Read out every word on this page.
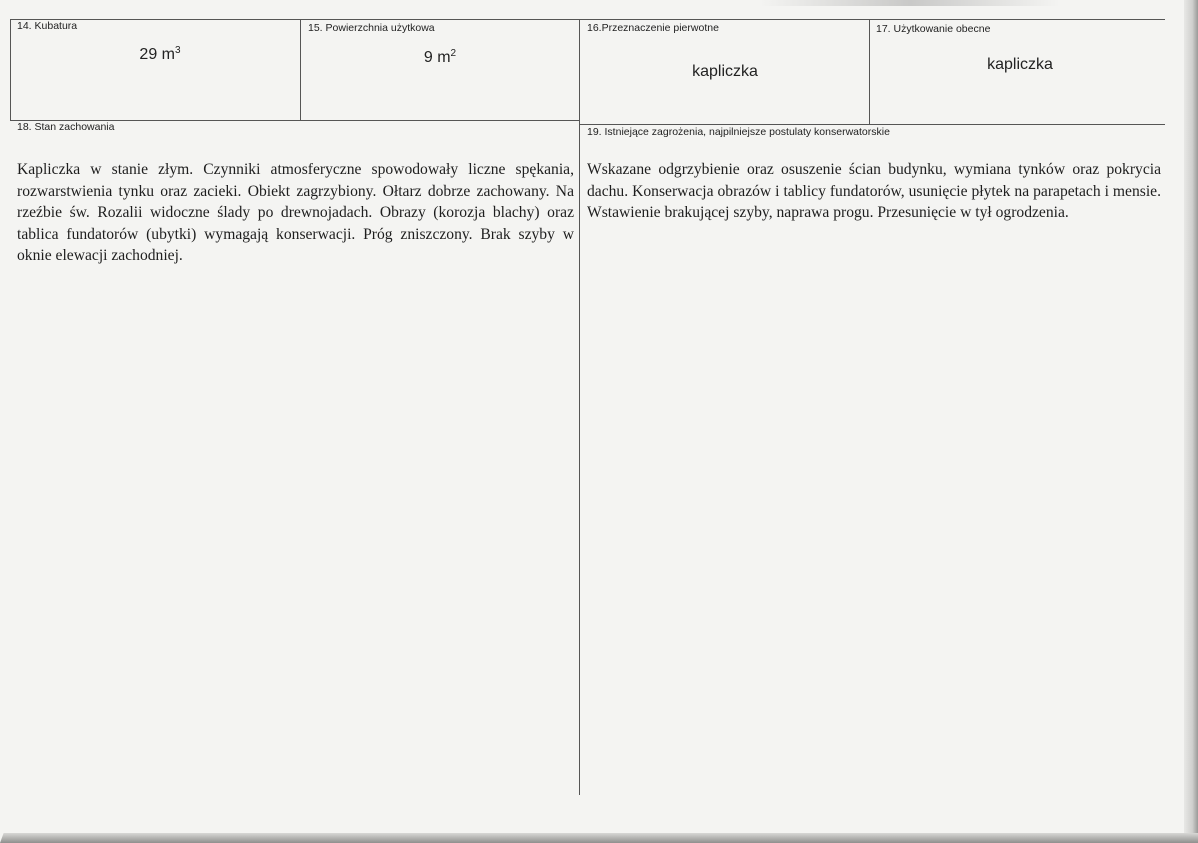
14. Kubatura
29 $m^3$
15. Powierzchnia użytkowa
9 $m^2$
16.Przeznaczenie pierwotne
kapliczka
17. Użytkowanie obecne
kapliczka
18. Stan zachowania
Kapliczka w stanie złym. Czynniki atmosferyczne spowodowały liczne spękania, rozwarstwienia tynku oraz zacieki. Obiekt zagrzybiony. Ołtarz dobrze zachowany. Na rzeźbie św. Rozalii widoczne ślady po drewnojadach. Obrazy (korozja blachy) oraz tablica fundatorów (ubytki) wymagają konserwacji. Próg zniszczony. Brak szyby w oknie elewacji zachodniej.
19. Istniejące zagrożenia, najpilniejsze postulaty konserwatorskie
Wskazane odgrzybienie oraz osuszenie ścian budynku, wymiana tynków oraz pokrycia dachu. Konserwacja obrazów i tablicy fundatorów, usunięcie płytek na parapetach i mensie. Wstawienie brakującej szyby, naprawa progu. Przesunięcie w tył ogrodzenia.
